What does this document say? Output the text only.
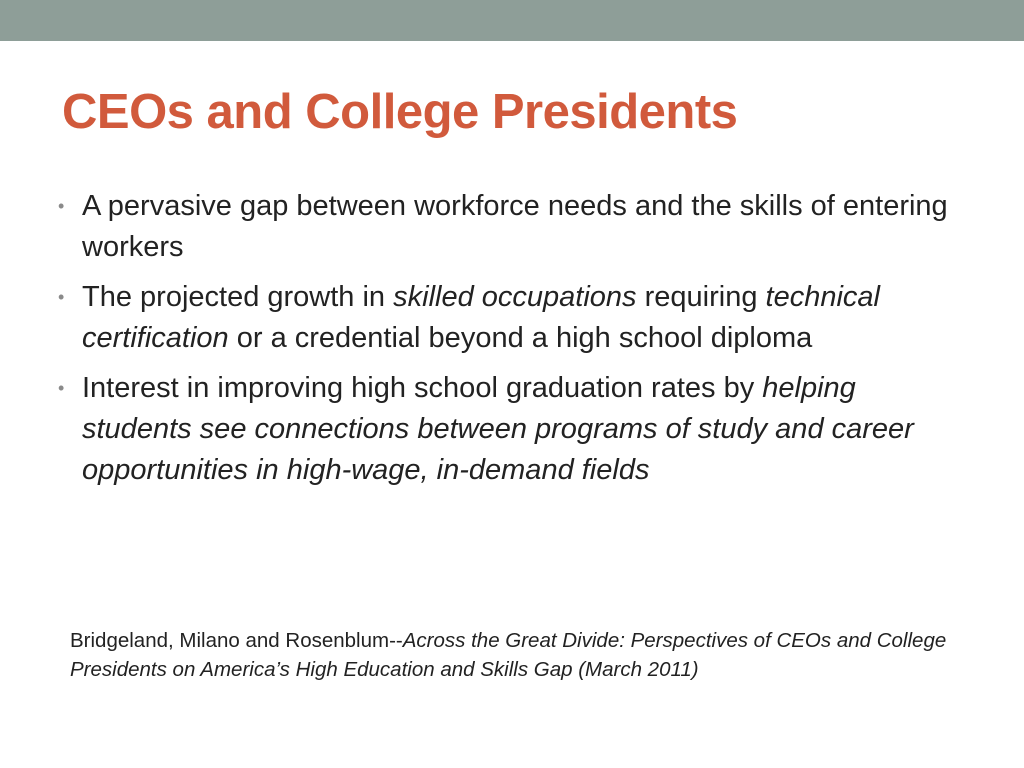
CEOs and College Presidents
• A pervasive gap between workforce needs and the skills of entering workers
• The projected growth in skilled occupations requiring technical certification or a credential beyond a high school diploma
• Interest in improving high school graduation rates by helping students see connections between programs of study and career opportunities in high-wage, in-demand fields

Bridgeland, Milano and Rosenblum--Across the Great Divide: Perspectives of CEOs and College Presidents on America’s High Education and Skills Gap (March 2011)
